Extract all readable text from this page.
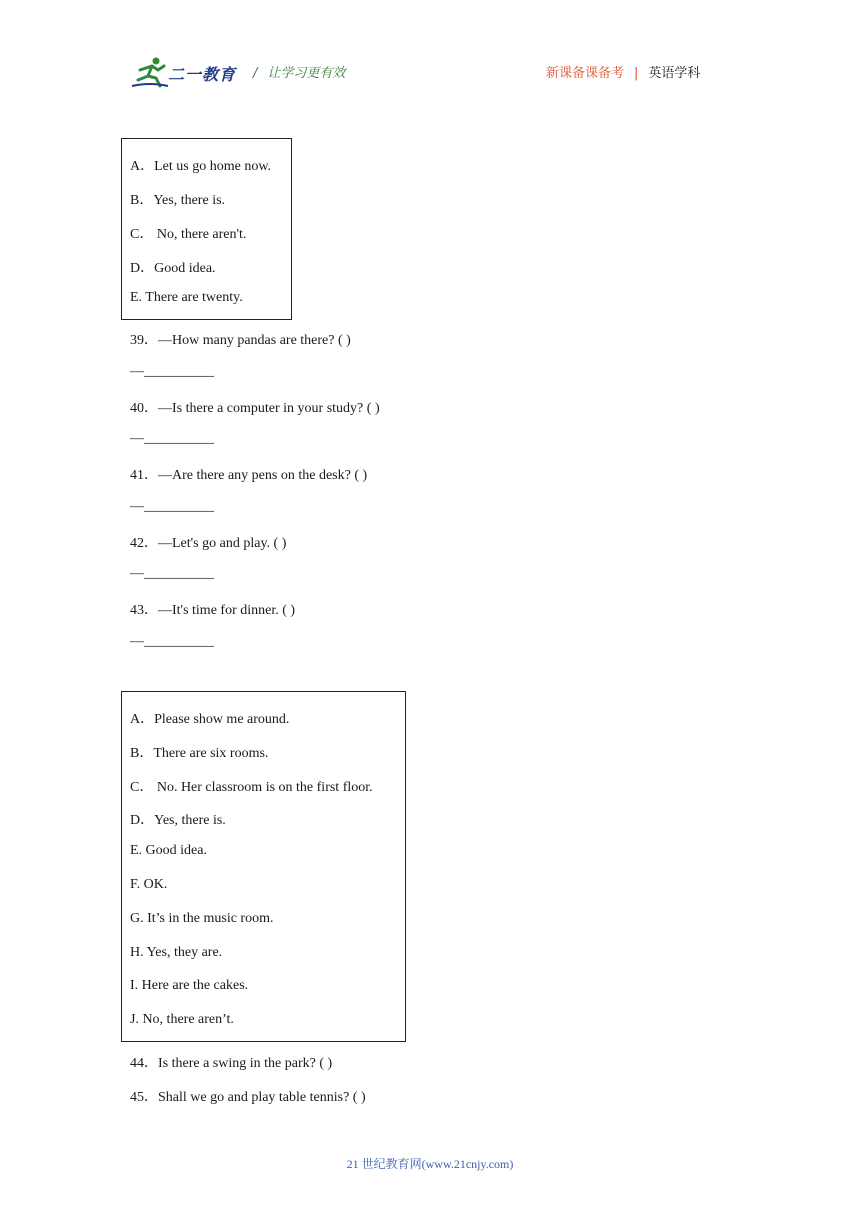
二一教育 / 让学习更有效	新课备课备考 | 英语学科
A．Let us go home now.
B．Yes, there is.
C． No, there aren't.
D．Good idea.
E. There are twenty.
39．—How many pandas are there? ( )
—__________
40．—Is there a computer in your study? ( )
—__________
41．—Are there any pens on the desk? ( )
—__________
42．—Let's go and play. ( )
—__________
43．—It's time for dinner. ( )
—__________
A．Please show me around.
B．There are six rooms.
C． No. Her classroom is on the first floor.
D．Yes, there is.
E. Good idea.
F. OK.
G. It’s in the music room.
H. Yes, they are.
I. Here are the cakes.
J. No, there aren’t.
44．Is there a swing in the park? ( )
45．Shall we go and play table tennis? ( )
21 世纪教育网(www.21cnjy.com)
